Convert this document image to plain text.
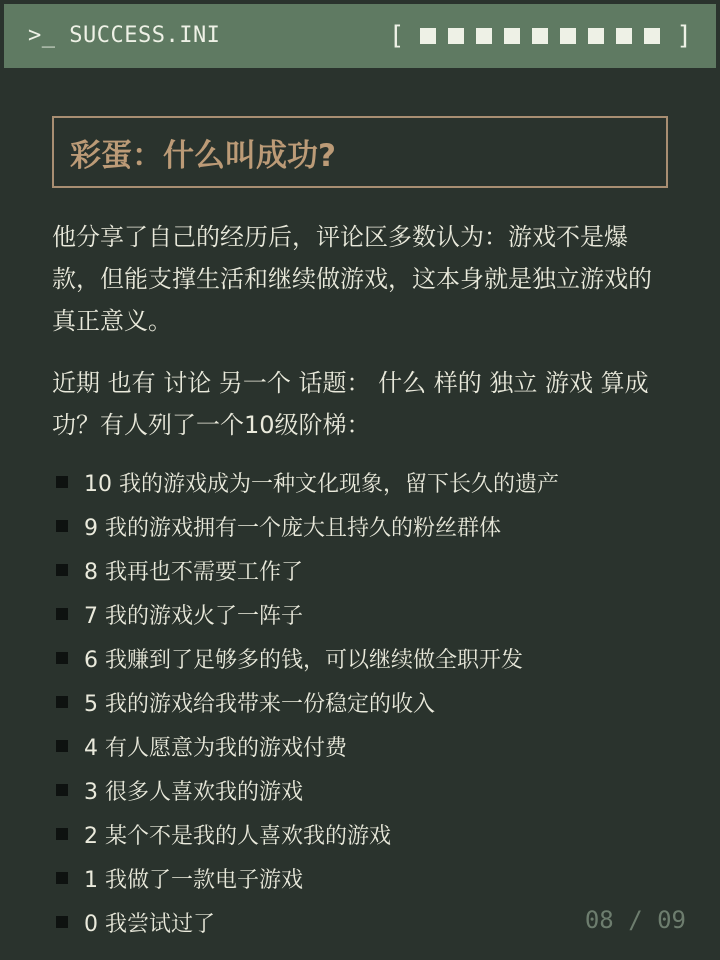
>_ SUCCESS.INI	[	]
彩蛋：什么叫成功?

他分享了自己的经历后，评论区多数认为：游戏不是爆款，但能支撑生活和继续做游戏，这本身就是独立游戏的真正意义。

近期 也有 讨论 另一个 话题： 什么 样的 独立 游戏 算成功？有人列了一个10级阶梯：

10 我的游戏成为一种文化现象，留下长久的遗产
9 我的游戏拥有一个庞大且持久的粉丝群体
8 我再也不需要工作了
7 我的游戏火了一阵子
6 我赚到了足够多的钱，可以继续做全职开发
5 我的游戏给我带来一份稳定的收入
4 有人愿意为我的游戏付费
3 很多人喜欢我的游戏
2 某个不是我的人喜欢我的游戏
1 我做了一款电子游戏
0 我尝试过了	08 / 09
